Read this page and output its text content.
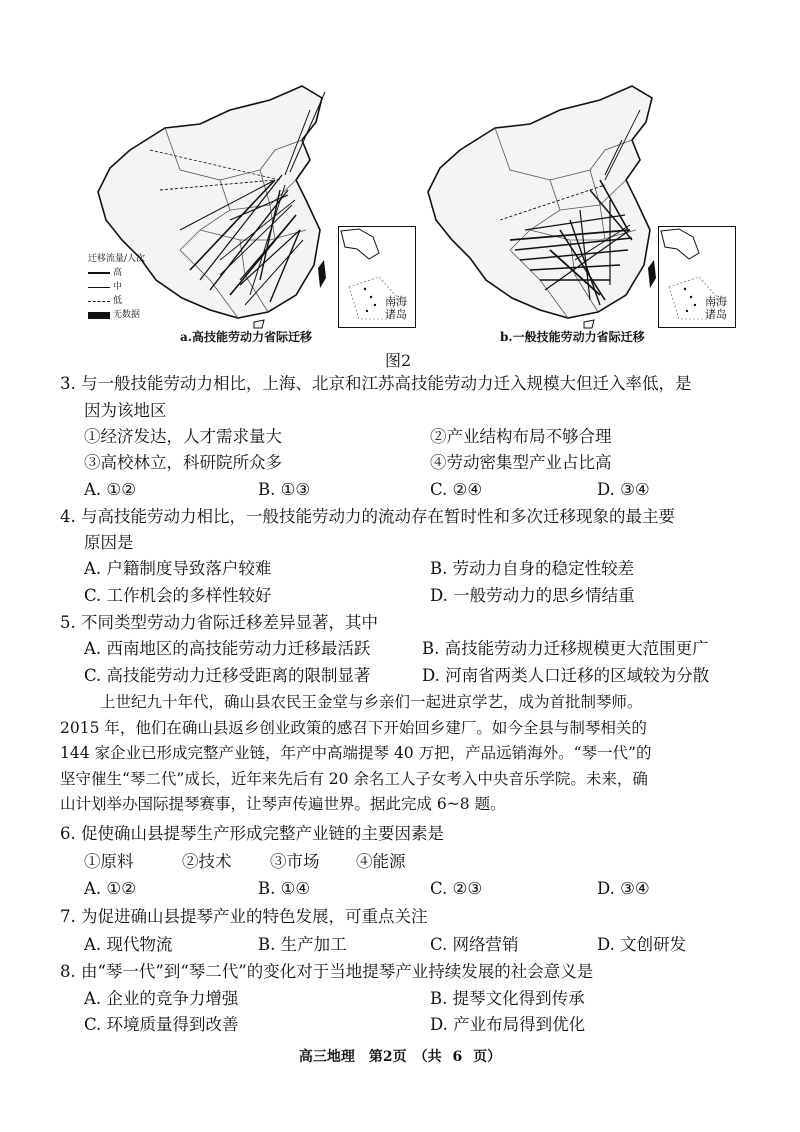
南海诸岛
迁移流量/人次
高
中
低
无数据
a.高技能劳动力省际迁移
南海诸岛
b.一般技能劳动力省际迁移
图2
3. 与一般技能劳动力相比，上海、北京和江苏高技能劳动力迁入规模大但迁入率低，是
因为该地区
①经济发达，人才需求量大	②产业结构布局不够合理
③高校林立，科研院所众多	④劳动密集型产业占比高
A. ①②	B. ①③	C. ②④	D. ③④
4. 与高技能劳动力相比，一般技能劳动力的流动存在暂时性和多次迁移现象的最主要
原因是
A. 户籍制度导致落户较难	B. 劳动力自身的稳定性较差
C. 工作机会的多样性较好	D. 一般劳动力的思乡情结重
5. 不同类型劳动力省际迁移差异显著，其中
A. 西南地区的高技能劳动力迁移最活跃	B. 高技能劳动力迁移规模更大范围更广
C. 高技能劳动力迁移受距离的限制显著	D. 河南省两类人口迁移的区域较为分散
上世纪九十年代，确山县农民王金堂与乡亲们一起进京学艺，成为首批制琴师。
2015 年，他们在确山县返乡创业政策的感召下开始回乡建厂。如今全县与制琴相关的
144 家企业已形成完整产业链，年产中高端提琴 40 万把，产品远销海外。“琴一代”的
坚守催生“琴二代”成长，近年来先后有 20 余名工人子女考入中央音乐学院。未来，确
山计划举办国际提琴赛事，让琴声传遍世界。据此完成 6~8 题。
6. 促使确山县提琴生产形成完整产业链的主要因素是
①原料	②技术 ③市场 ④能源
A. ①②	B. ①④	C. ②③	D. ③④
7. 为促进确山县提琴产业的特色发展，可重点关注
A. 现代物流	B. 生产加工	C. 网络营销	D. 文创研发
8. 由“琴一代”到“琴二代”的变化对于当地提琴产业持续发展的社会意义是
A. 企业的竞争力增强	B. 提琴文化得到传承
C. 环境质量得到改善	D. 产业布局得到优化
高三地理　第2页　（共 6 页）
